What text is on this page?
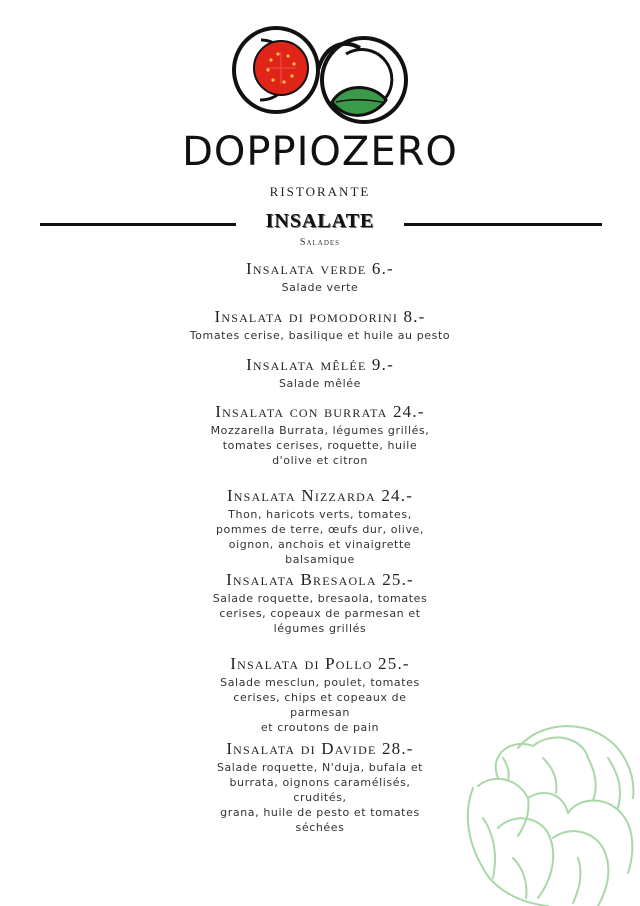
DOPPIOZERO
RISTORANTE
INSALATE
Salades
Insalata verde 6.-
Salade verte
Insalata di pomodorini 8.-
Tomates cerise, basilique et huile au pesto
Insalata mêlée 9.-
Salade mêlée
Insalata con burrata 24.-
Mozzarella Burrata, légumes grillés,
tomates cerises, roquette, huile
d'olive et citron
Insalata Nizzarda 24.-
Thon, haricots verts, tomates,
pommes de terre, œufs dur, olive,
oignon, anchois et vinaigrette
balsamique
Insalata Bresaola 25.-
Salade roquette, bresaola, tomates
cerises, copeaux de parmesan et
légumes grillés
Insalata di Pollo 25.-
Salade mesclun, poulet, tomates
cerises, chips et copeaux de
parmesan
et croutons de pain
Insalata di Davide 28.-
Salade roquette, N'duja, bufala et
burrata, oignons caramélisés,
crudités,
grana, huile de pesto et tomates
séchées
